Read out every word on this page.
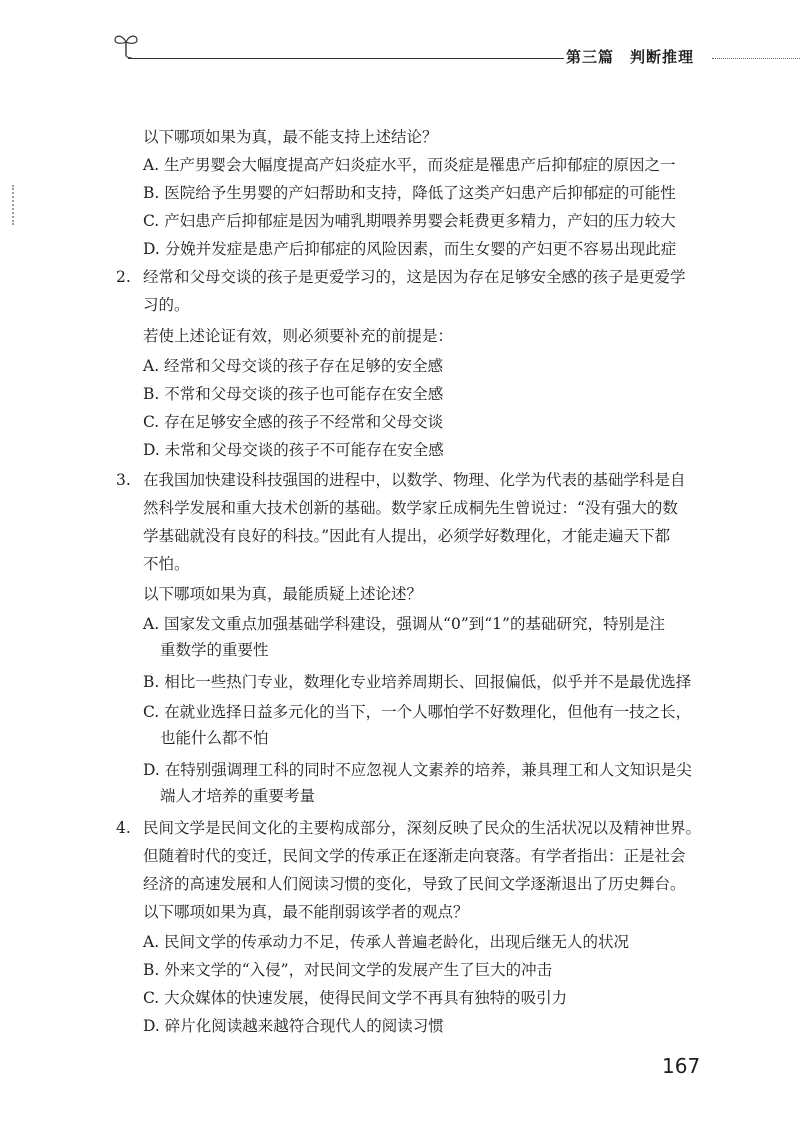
第三篇　判断推理
以下哪项如果为真，最不能支持上述结论？
A. 生产男婴会大幅度提高产妇炎症水平，而炎症是罹患产后抑郁症的原因之一
B. 医院给予生男婴的产妇帮助和支持，降低了这类产妇患产后抑郁症的可能性
C. 产妇患产后抑郁症是因为哺乳期喂养男婴会耗费更多精力，产妇的压力较大
D. 分娩并发症是患产后抑郁症的风险因素，而生女婴的产妇更不容易出现此症
2. 经常和父母交谈的孩子是更爱学习的，这是因为存在足够安全感的孩子是更爱学
习的。
若使上述论证有效，则必须要补充的前提是：
A. 经常和父母交谈的孩子存在足够的安全感
B. 不常和父母交谈的孩子也可能存在安全感
C. 存在足够安全感的孩子不经常和父母交谈
D. 未常和父母交谈的孩子不可能存在安全感
3. 在我国加快建设科技强国的进程中，以数学、物理、化学为代表的基础学科是自
然科学发展和重大技术创新的基础。数学家丘成桐先生曾说过：“没有强大的数
学基础就没有良好的科技。”因此有人提出，必须学好数理化，才能走遍天下都
不怕。
以下哪项如果为真，最能质疑上述论述？
A. 国家发文重点加强基础学科建设，强调从“0”到“1”的基础研究，特别是注
重数学的重要性
B. 相比一些热门专业，数理化专业培养周期长、回报偏低，似乎并不是最优选择
C. 在就业选择日益多元化的当下，一个人哪怕学不好数理化，但他有一技之长，
也能什么都不怕
D. 在特别强调理工科的同时不应忽视人文素养的培养，兼具理工和人文知识是尖
端人才培养的重要考量
4. 民间文学是民间文化的主要构成部分，深刻反映了民众的生活状况以及精神世界。
但随着时代的变迁，民间文学的传承正在逐渐走向衰落。有学者指出：正是社会
经济的高速发展和人们阅读习惯的变化，导致了民间文学逐渐退出了历史舞台。
以下哪项如果为真，最不能削弱该学者的观点？
A. 民间文学的传承动力不足，传承人普遍老龄化，出现后继无人的状况
B. 外来文学的“入侵”，对民间文学的发展产生了巨大的冲击
C. 大众媒体的快速发展，使得民间文学不再具有独特的吸引力
D. 碎片化阅读越来越符合现代人的阅读习惯
167
